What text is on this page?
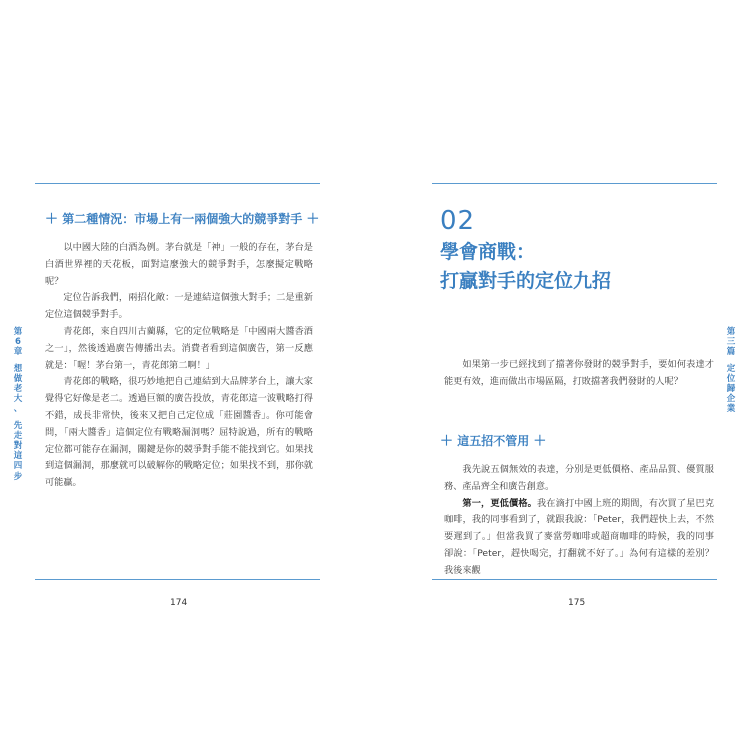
第
6
章
想
做
老
大
、
先
走
對
這
四
步
＋ 第二種情況：市場上有一兩個強大的競爭對手 ＋

以中國大陸的白酒為例。茅台就是「神」一般的存在，茅台是白酒世界裡的天花板，面對這麼強大的競爭對手，怎麼擬定戰略呢？

定位告訴我們，兩招化敵：一是連結這個強大對手；二是重新定位這個競爭對手。

青花郎，來自四川古藺縣，它的定位戰略是「中國兩大醬香酒之一」，然後透過廣告傳播出去。消費者看到這個廣告，第一反應就是：「喔！茅台第一，青花郎第二啊！」

青花郎的戰略，很巧妙地把自己連結到大品牌茅台上，讓大家覺得它好像是老二。透過巨額的廣告投放，青花郎這一波戰略打得不錯，成長非常快，後來又把自己定位成「莊園醬香」。你可能會問，「兩大醬香」這個定位有戰略漏洞嗎？屈特說過，所有的戰略定位都可能存在漏洞，關鍵是你的競爭對手能不能找到它。如果找到這個漏洞，那麼就可以破解你的戰略定位；如果找不到，那你就可能贏。

174
02
學會商戰：
打贏對手的定位九招
第
三
篇
定
位
歸
企
業

如果第一步已經找到了擋著你發財的競爭對手，要如何表達才能更有效，進而做出市場區隔，打敗擋著我們發財的人呢？

＋ 這五招不管用 ＋

我先說五個無效的表達，分別是更低價格、產品品質、優質服務、產品齊全和廣告創意。

第一，更低價格。我在滴打中國上班的期間，有次買了星巴克咖啡，我的同事看到了，就跟我說：「Peter，我們趕快上去，不然要遲到了。」但當我買了麥當勞咖啡或超商咖啡的時候，我的同事卻說：「Peter，趕快喝完，打翻就不好了。」為何有這樣的差別？我後來觀

175
